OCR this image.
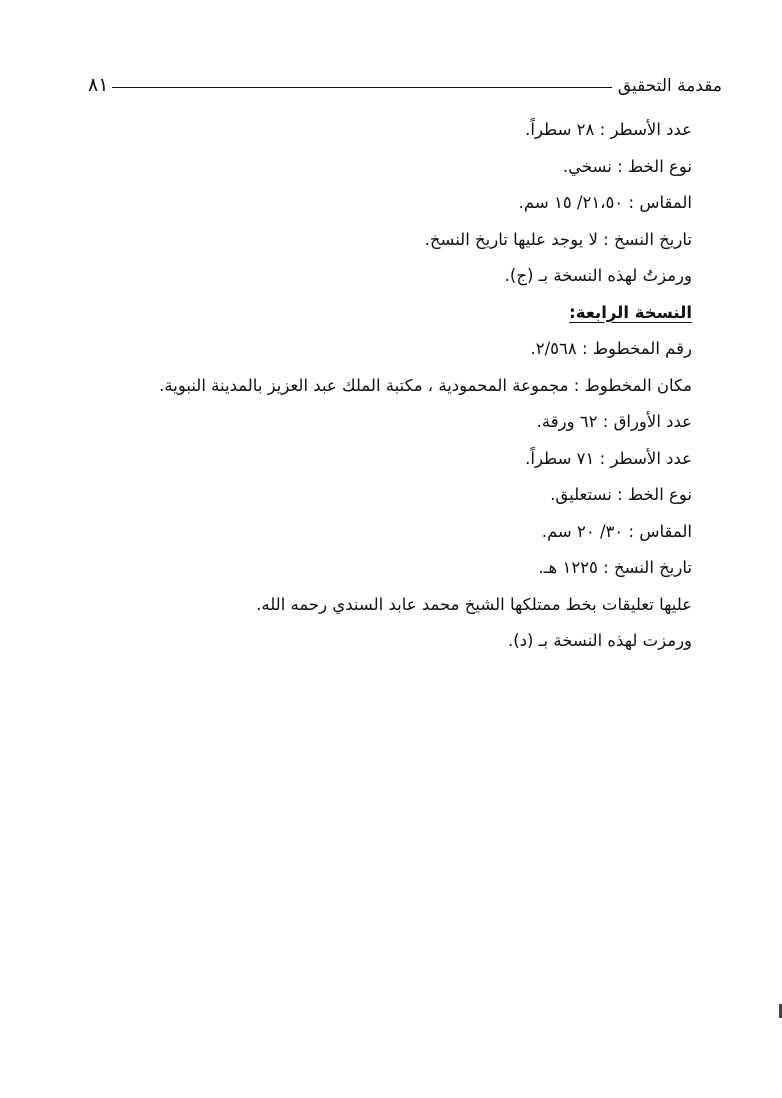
مقدمة التحقيق
٨١
عدد الأسطر : ٢٨ سطراً.
نوع الخط : نسخي.
المقاس : ٢١،٥٠/ ١٥ سم.
تاريخ النسخ : لا يوجد عليها تاريخ النسخ.
ورمزتُ لهذه النسخة بـ (ج).
النسخة الرابعة:
رقم المخطوط : ٢/٥٦٨.
مكان المخطوط : مجموعة المحمودية ، مكتبة الملك عبد العزيز بالمدينة النبوية.
عدد الأوراق : ٦٢ ورقة.
عدد الأسطر : ٧١ سطراً.
نوع الخط : نستعليق.
المقاس : ٣٠/ ٢٠ سم.
تاريخ النسخ : ١٢٢٥ هـ.
عليها تعليقات بخط ممتلكها الشيخ محمد عابد السندي رحمه الله.
ورمزت لهذه النسخة بـ (د).
